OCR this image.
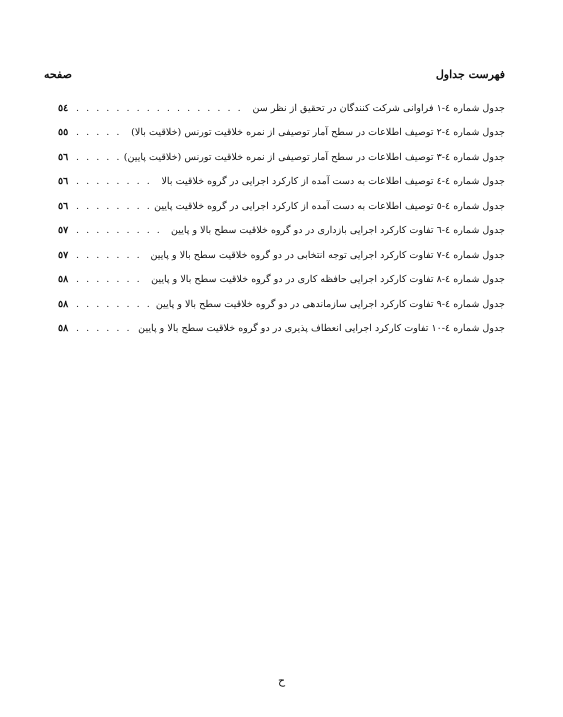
صفحه	فهرست جداول
جدول شماره ٤-١ فراوانی شرکت کنندگان در تحقیق از نظر سن
. . .
٥٤
جدول شماره ٤-٢ توصیف اطلاعات در سطح آمار توصیفی از نمره خلاقیت تورنس (خلاقیت بالا)
. . .
٥٥
جدول شماره ٤-٣ توصیف اطلاعات در سطح آمار توصیفی از نمره خلاقیت تورنس (خلاقیت پایین)
. . .
٥٦
جدول شماره ٤-٤ توصیف اطلاعات به دست آمده از کارکرد اجرایی در گروه خلاقیت بالا
. . .
٥٦
جدول شماره ٤-٥ توصیف اطلاعات به دست آمده از کارکرد اجرایی در گروه خلاقیت پایین
. . .
٥٦
جدول شماره ٤-٦ تفاوت کارکرد اجرایی بازداری در دو گروه خلاقیت سطح بالا و پایین
. . .
٥٧
جدول شماره ٤-٧ تفاوت کارکرد اجرایی توجه انتخابی در دو گروه خلاقیت سطح بالا و پایین
. . .
٥٧
جدول شماره ٤-٨ تفاوت کارکرد اجرایی حافظه کاری در دو گروه خلاقیت سطح بالا و پایین
. . .
٥٨
جدول شماره ٤-٩ تفاوت کارکرد اجرایی سازماندهی در دو گروه خلاقیت سطح بالا و پایین
. . .
٥٨
جدول شماره ٤-١٠ تفاوت کارکرد اجرایی انعطاف پذیری در دو گروه خلاقیت سطح بالا و پایین
. . .
٥٨
ح
